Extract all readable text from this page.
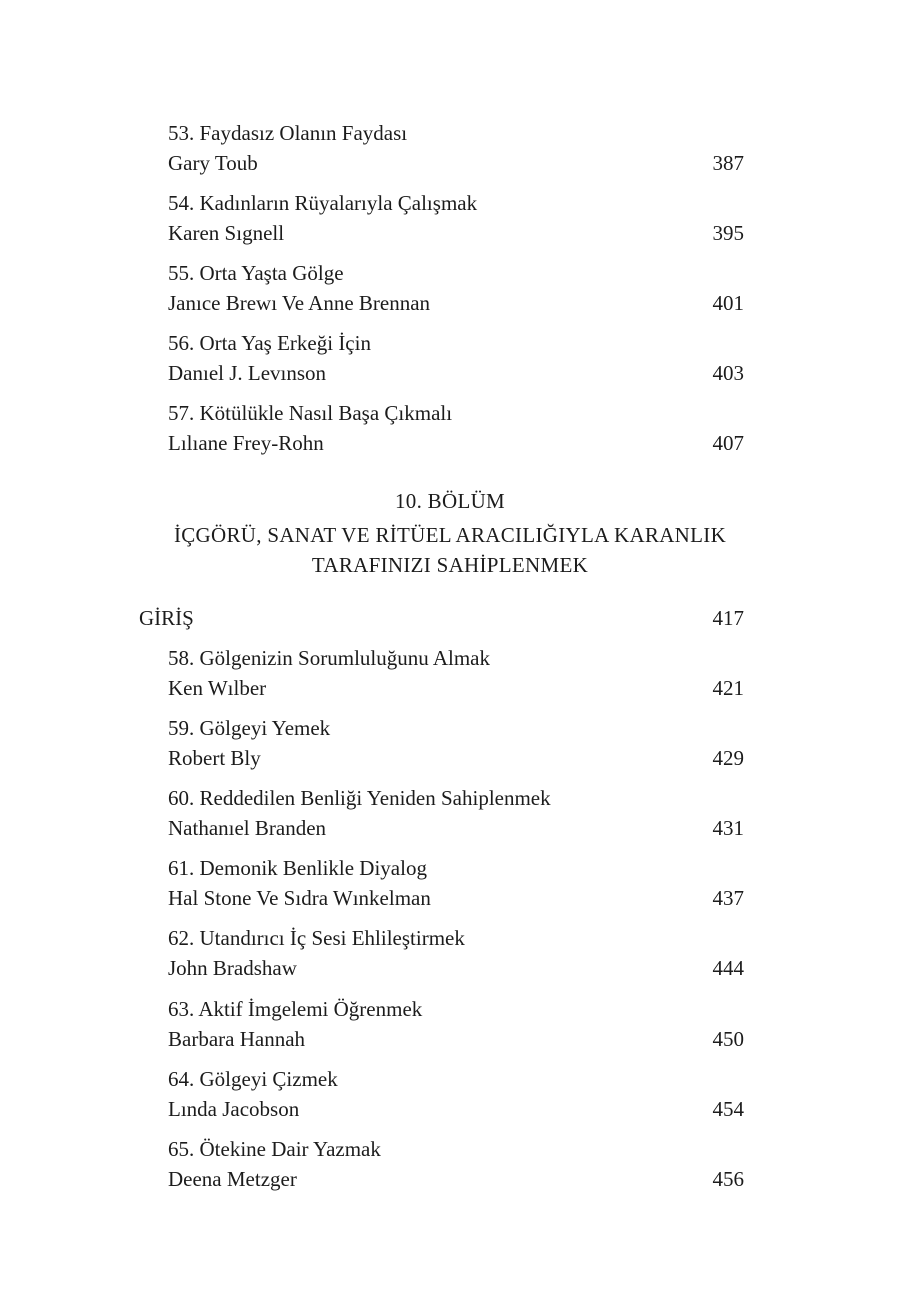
53. Faydasız Olanın Faydası
Gary Toub	387
54. Kadınların Rüyalarıyla Çalışmak
Karen Sıgnell	395
55. Orta Yaşta Gölge
Janıce Brewı Ve Anne Brennan	401
56. Orta Yaş Erkeği İçin
Danıel J. Levınson	403
57. Kötülükle Nasıl Başa Çıkmalı
Lılıane Frey-Rohn	407
10. BÖLÜM
İÇGÖRÜ, SANAT VE RİTÜEL ARACILIĞIYLA KARANLIK
TARAFINIZI SAHİPLENMEK
GİRİŞ	417
58. Gölgenizin Sorumluluğunu Almak
Ken Wılber	421
59. Gölgeyi Yemek
Robert Bly	429
60. Reddedilen Benliği Yeniden Sahiplenmek
Nathanıel Branden	431
61. Demonik Benlikle Diyalog
Hal Stone Ve Sıdra Wınkelman	437
62. Utandırıcı İç Sesi Ehlileştirmek
John Bradshaw	444
63. Aktif İmgelemi Öğrenmek
Barbara Hannah	450
64. Gölgeyi Çizmek
Lında Jacobson	454
65. Ötekine Dair Yazmak
Deena Metzger	456
